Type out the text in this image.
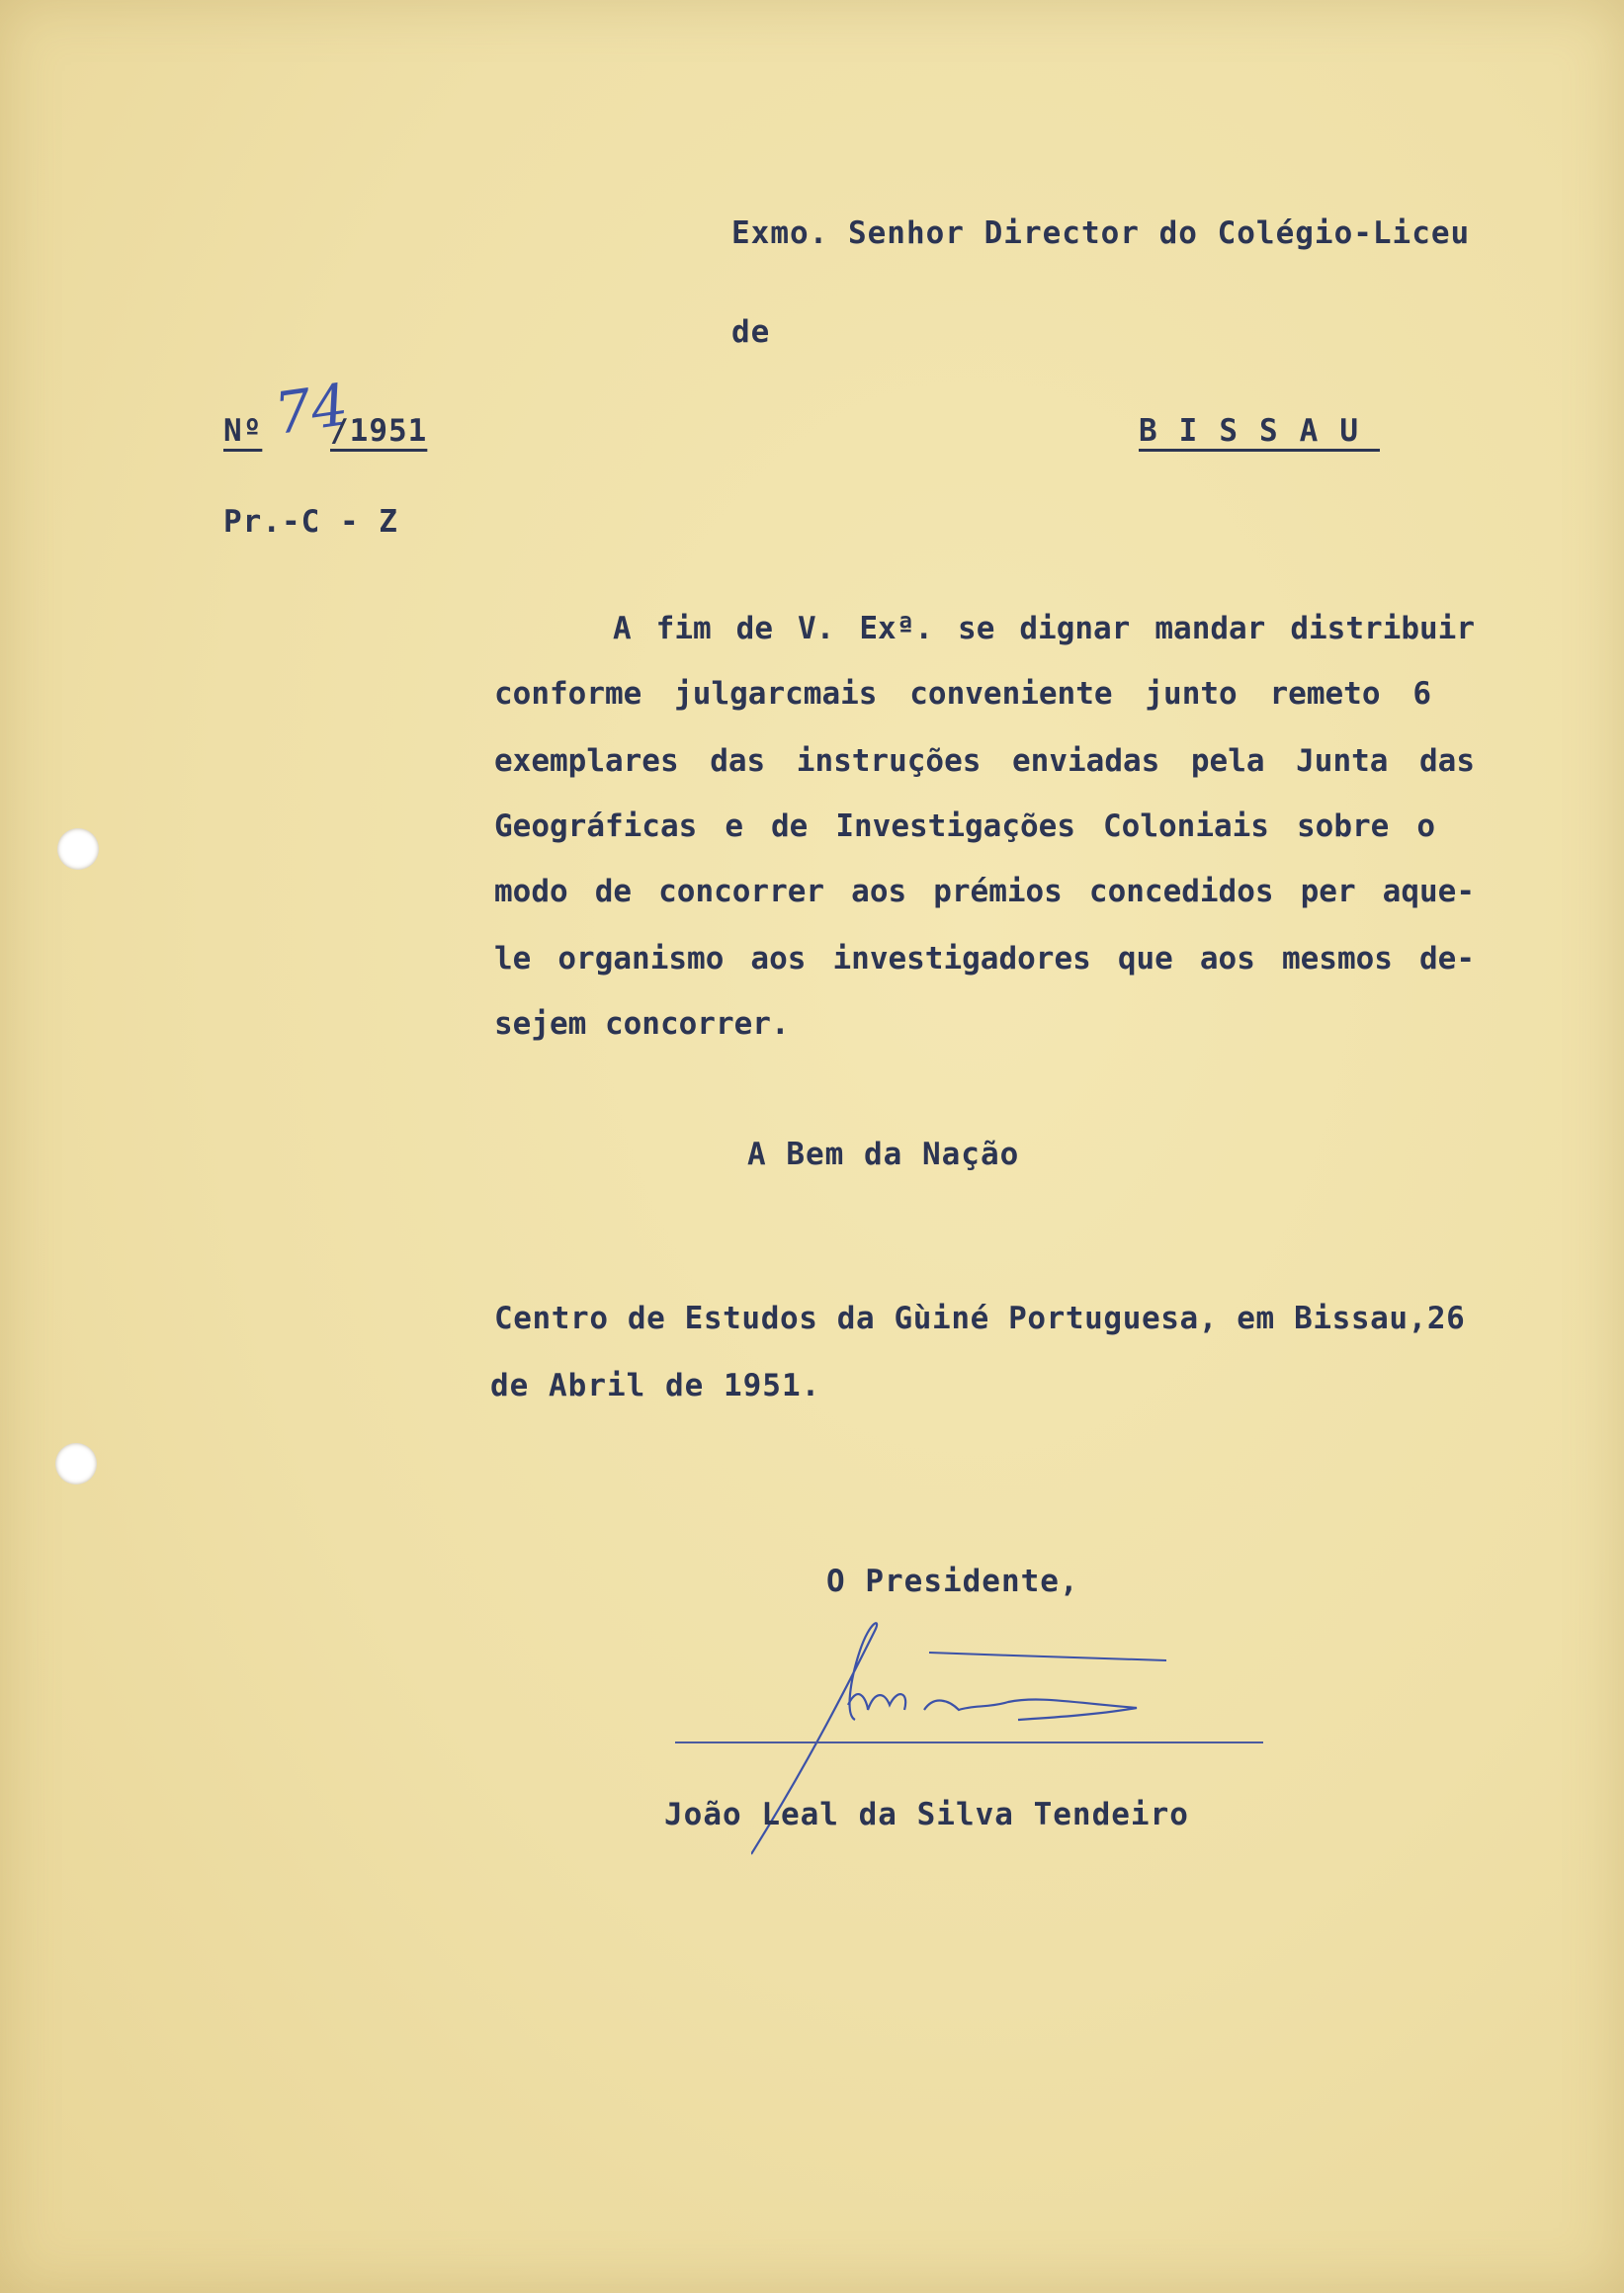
Exmo. Senhor Director do Colégio-Liceu
de
BISSAU
Nº 74
/1951
Pr.-C - Z
A fim de V. Exª. se dignar mandar distribuir
conforme julgarcmais conveniente junto remeto 6
exemplares das instruções enviadas pela Junta das
Geográficas e de Investigações Coloniais sobre o
modo de concorrer aos prémios concedidos per aque-
le organismo aos investigadores que aos mesmos de-
sejem concorrer.
A Bem da Nação
Centro de Estudos da Gùiné Portuguesa, em Bissau,26
de Abril de 1951.
O Presidente,
João Leal da Silva Tendeiro
